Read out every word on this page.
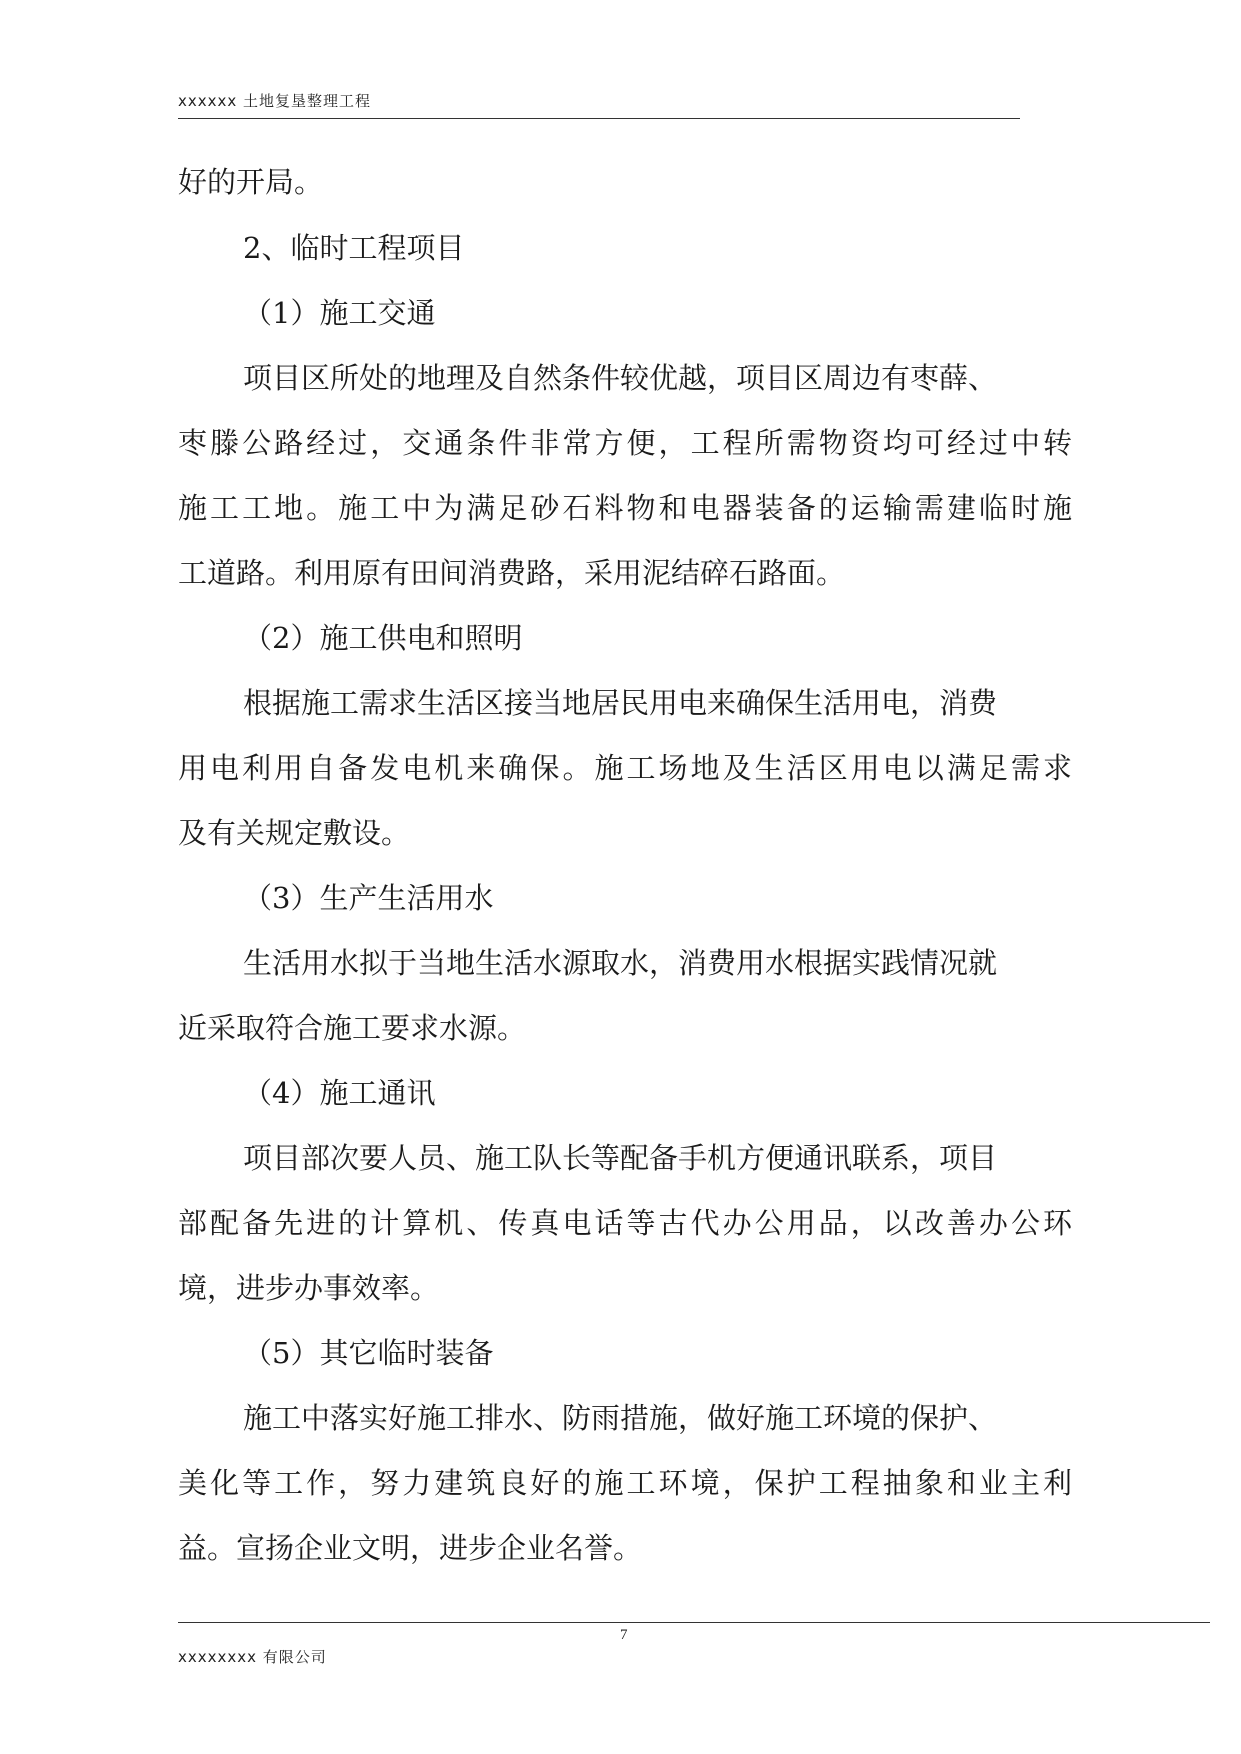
xxxxxx 土地复垦整理工程
好的开局。
2、临时工程项目
（1）施工交通
项目区所处的地理及自然条件较优越，项目区周边有枣薛、
枣滕公路经过，交通条件非常方便，工程所需物资均可经过中转
施工工地。施工中为满足砂石料物和电器装备的运输需建临时施
工道路。利用原有田间消费路，采用泥结碎石路面。
（2）施工供电和照明
根据施工需求生活区接当地居民用电来确保生活用电，消费
用电利用自备发电机来确保。施工场地及生活区用电以满足需求
及有关规定敷设。
（3）生产生活用水
生活用水拟于当地生活水源取水，消费用水根据实践情况就
近采取符合施工要求水源。
（4）施工通讯
项目部次要人员、施工队长等配备手机方便通讯联系，项目
部配备先进的计算机、传真电话等古代办公用品，以改善办公环
境，进步办事效率。
（5）其它临时装备
施工中落实好施工排水、防雨措施，做好施工环境的保护、
美化等工作，努力建筑良好的施工环境，保护工程抽象和业主利
益。宣扬企业文明，进步企业名誉。
xxxxxxxx 有限公司
7
